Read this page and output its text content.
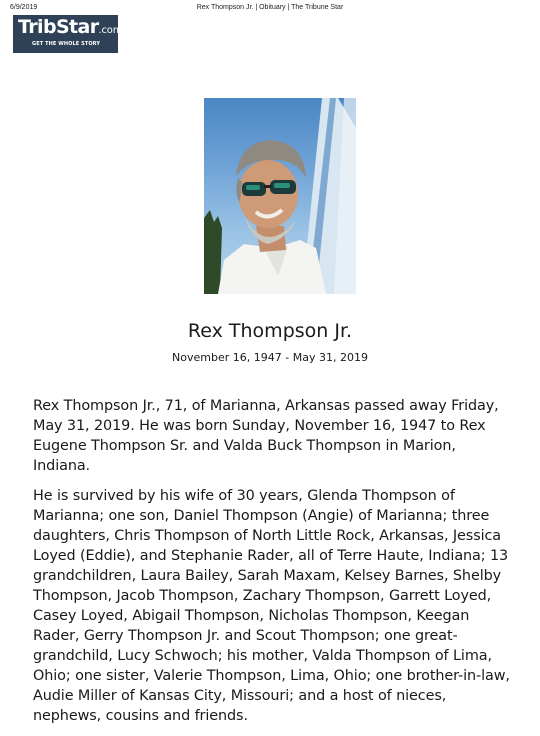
6/9/2019	Rex Thompson Jr. | Obituary | The Tribune Star
TribStar.com
GET THE WHOLE STORY
Rex Thompson Jr.
November 16, 1947 - May 31, 2019

Rex Thompson Jr., 71, of Marianna, Arkansas passed away Friday, May 31, 2019. He was born Sunday, November 16, 1947 to Rex Eugene Thompson Sr. and Valda Buck Thompson in Marion, Indiana.

He is survived by his wife of 30 years, Glenda Thompson of Marianna; one son, Daniel Thompson (Angie) of Marianna; three daughters, Chris Thompson of North Little Rock, Arkansas, Jessica Loyed (Eddie), and Stephanie Rader, all of Terre Haute, Indiana; 13 grandchildren, Laura Bailey, Sarah Maxam, Kelsey Barnes, Shelby Thompson, Jacob Thompson, Zachary Thompson, Garrett Loyed, Casey Loyed, Abigail Thompson, Nicholas Thompson, Keegan Rader, Gerry Thompson Jr. and Scout Thompson; one great-grandchild, Lucy Schwoch; his mother, Valda Thompson of Lima, Ohio; one sister, Valerie Thompson, Lima, Ohio; one brother-in-law, Audie Miller of Kansas City, Missouri; and a host of nieces, nephews, cousins and friends.
